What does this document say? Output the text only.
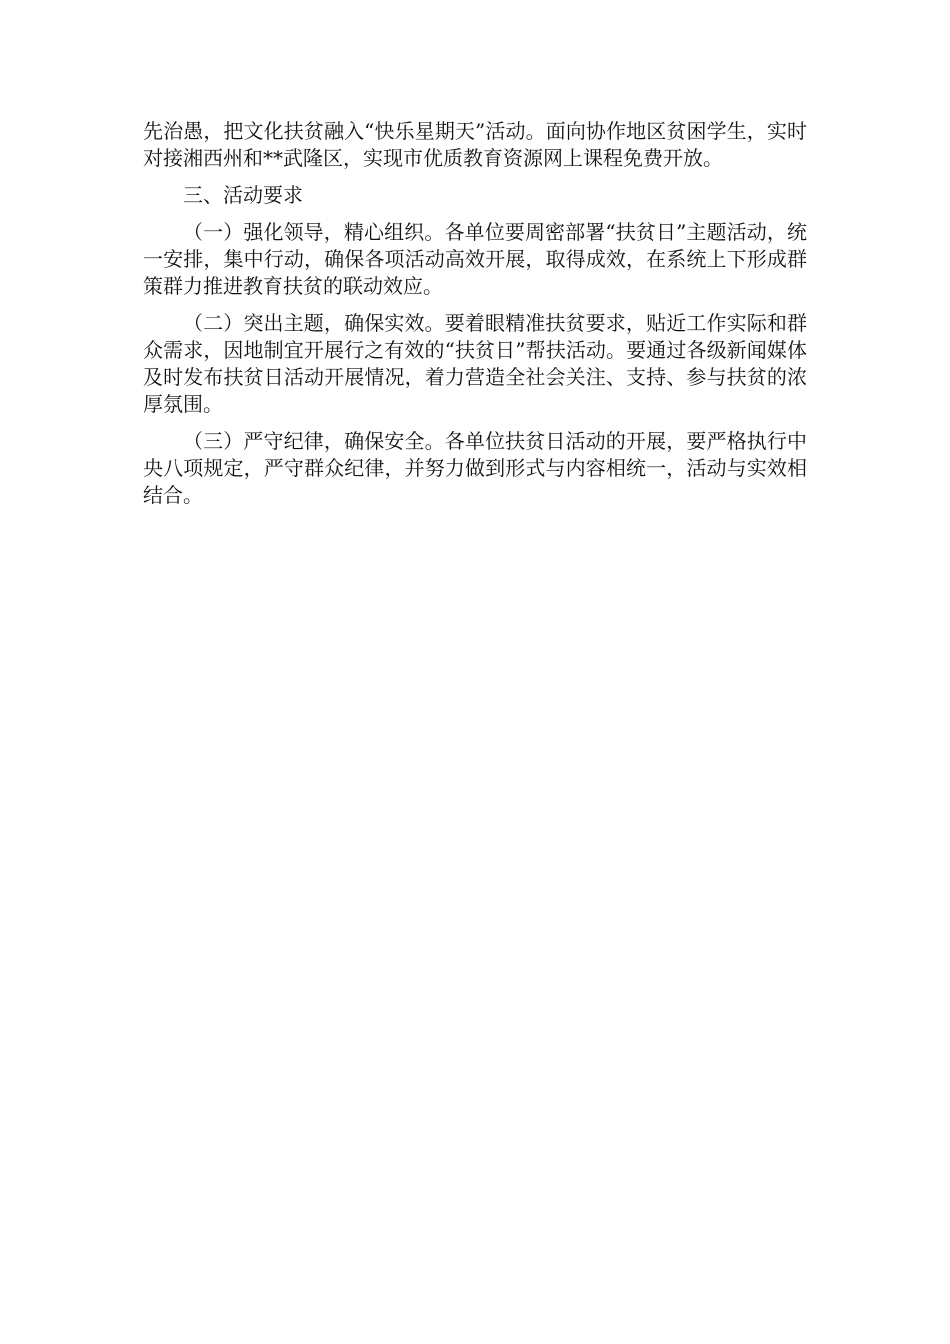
先治愚，把文化扶贫融入“快乐星期天”活动。面向协作地区贫困学生，实时对接湘西州和**武隆区，实现市优质教育资源网上课程免费开放。

三、活动要求

（一）强化领导，精心组织。各单位要周密部署“扶贫日”主题活动，统一安排，集中行动，确保各项活动高效开展，取得成效，在系统上下形成群策群力推进教育扶贫的联动效应。

（二）突出主题，确保实效。要着眼精准扶贫要求，贴近工作实际和群众需求，因地制宜开展行之有效的“扶贫日”帮扶活动。要通过各级新闻媒体及时发布扶贫日活动开展情况，着力营造全社会关注、支持、参与扶贫的浓厚氛围。

（三）严守纪律，确保安全。各单位扶贫日活动的开展，要严格执行中央八项规定，严守群众纪律，并努力做到形式与内容相统一，活动与实效相结合。
